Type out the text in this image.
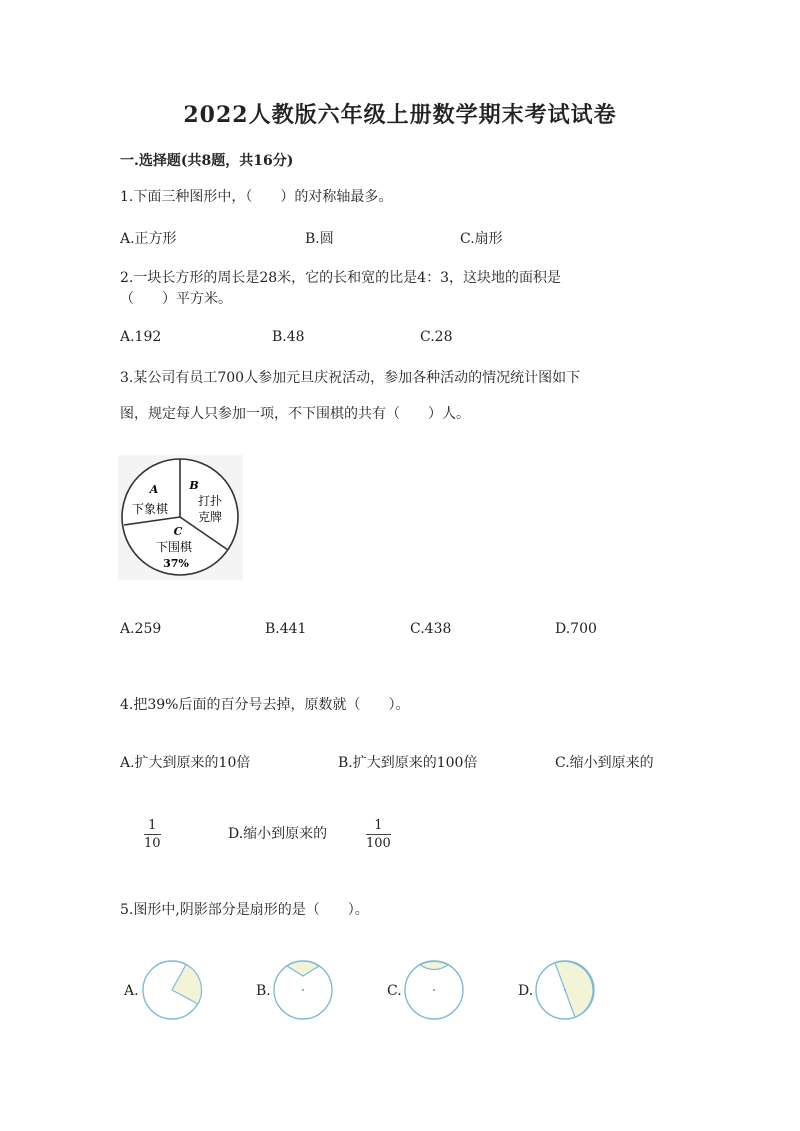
2022人教版六年级上册数学期末考试试卷
一.选择题(共8题，共16分)
1.下面三种图形中，（　　）的对称轴最多。
A.正方形	B.圆	C.扇形
2.一块长方形的周长是28米，它的长和宽的比是4：3，这块地的面积是
（　　）平方米。
A.192	B.48	C.28
3.某公司有员工700人参加元旦庆祝活动，参加各种活动的情况统计图如下
图，规定每人只参加一项，不下围棋的共有（　　）人。
A
下象棋
B
打扑
克牌
C
下围棋
37%
A.259	B.441	C.438	D.700
4.把39%后面的百分号去掉，原数就（　　）。
A.扩大到原来的10倍	B.扩大到原来的100倍	C.缩小到原来的
$\frac{1}{10}$	D.缩小到原来的	$\frac{1}{100}$
5.图形中,阴影部分是扇形的是（　　）。
A.	B.	C.	D.
